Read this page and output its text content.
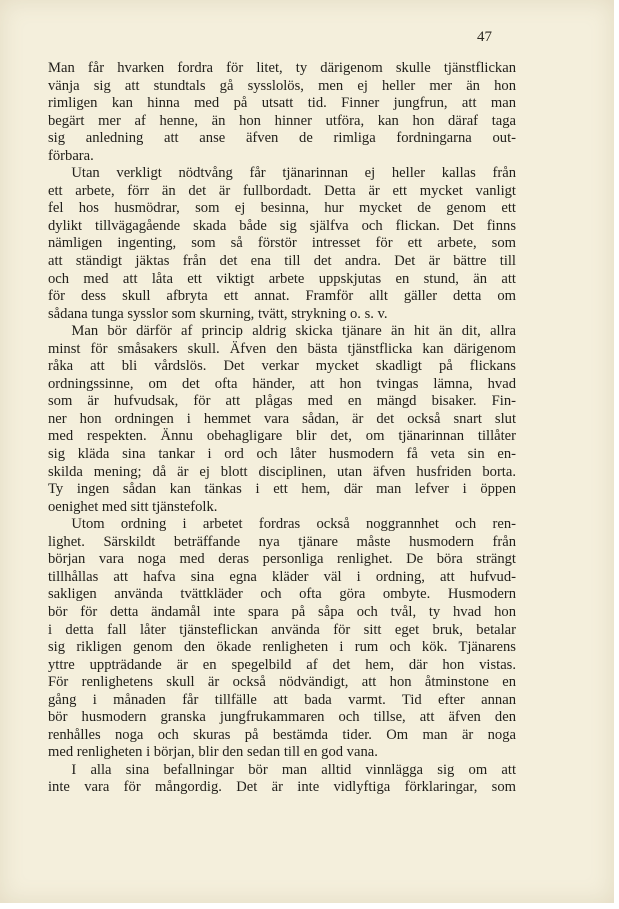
47

Man får hvarken fordra för litet, ty därigenom skulle tjänstflickan

vänja sig att stundtals gå sysslolös, men ej heller mer än hon

rimligen kan hinna med på utsatt tid. Finner jungfrun, att man

begärt mer af henne, än hon hinner utföra, kan hon däraf taga

sig anledning att anse äfven de rimliga fordningarna out-

förbara.

Utan verkligt nödtvång får tjänarinnan ej heller kallas från

ett arbete, förr än det är fullbordadt. Detta är ett mycket vanligt

fel hos husmödrar, som ej besinna, hur mycket de genom ett

dylikt tillvägagående skada både sig själfva och flickan. Det finns

nämligen ingenting, som så förstör intresset för ett arbete, som

att ständigt jäktas från det ena till det andra. Det är bättre till

och med att låta ett viktigt arbete uppskjutas en stund, än att

för dess skull afbryta ett annat. Framför allt gäller detta om

sådana tunga sysslor som skurning, tvätt, strykning o. s. v.

Man bör därför af princip aldrig skicka tjänare än hit än dit, allra

minst för småsakers skull. Äfven den bästa tjänstflicka kan därigenom

råka att bli vårdslös. Det verkar mycket skadligt på flickans

ordningssinne, om det ofta händer, att hon tvingas lämna, hvad

som är hufvudsak, för att plågas med en mängd bisaker. Fin-

ner hon ordningen i hemmet vara sådan, är det också snart slut

med respekten. Ännu obehagligare blir det, om tjänarinnan tillåter

sig kläda sina tankar i ord och låter husmodern få veta sin en-

skilda mening; då är ej blott disciplinen, utan äfven husfriden borta.

Ty ingen sådan kan tänkas i ett hem, där man lefver i öppen

oenighet med sitt tjänstefolk.

Utom ordning i arbetet fordras också noggrannhet och ren-

lighet. Särskildt beträffande nya tjänare måste husmodern från

början vara noga med deras personliga renlighet. De böra strängt

tillhållas att hafva sina egna kläder väl i ordning, att hufvud-

sakligen använda tvättkläder och ofta göra ombyte. Husmodern

bör för detta ändamål inte spara på såpa och tvål, ty hvad hon

i detta fall låter tjänsteflickan använda för sitt eget bruk, betalar

sig rikligen genom den ökade renligheten i rum och kök. Tjänarens

yttre uppträdande är en spegelbild af det hem, där hon vistas.

För renlighetens skull är också nödvändigt, att hon åtminstone en

gång i månaden får tillfälle att bada varmt. Tid efter annan

bör husmodern granska jungfrukammaren och tillse, att äfven den

renhålles noga och skuras på bestämda tider. Om man är noga

med renligheten i början, blir den sedan till en god vana.

I alla sina befallningar bör man alltid vinnlägga sig om att

inte vara för mångordig. Det är inte vidlyftiga förklaringar, som
